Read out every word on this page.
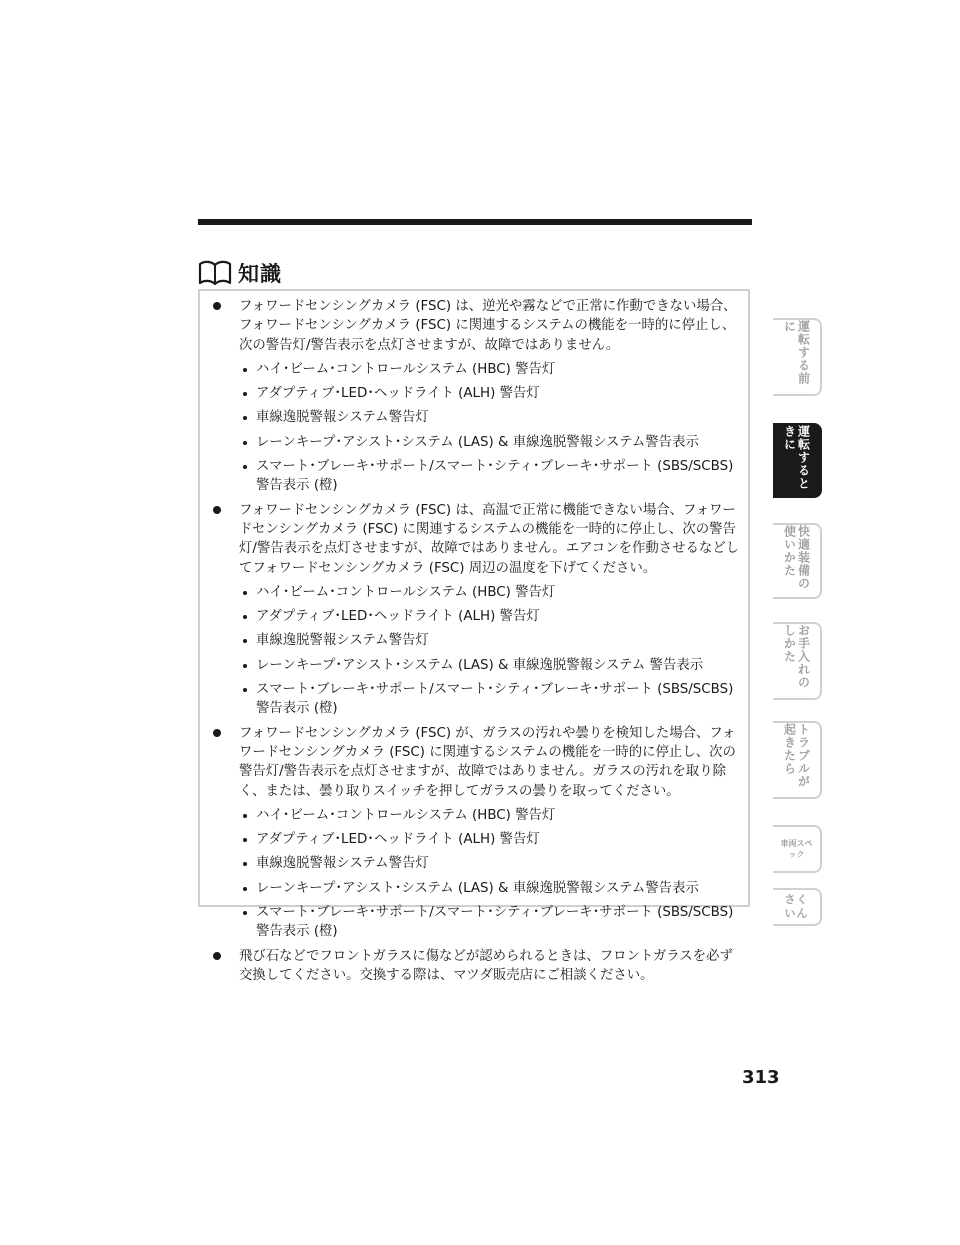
知識
フォワードセンシングカメラ (FSC) は、逆光や霧などで正常に作動できない場合、フォワードセンシングカメラ (FSC) に関連するシステムの機能を一時的に停止し、次の警告灯/警告表示を点灯させますが、故障ではありません。
ハイ･ビーム･コントロールシステム (HBC) 警告灯
アダプティブ･LED･ヘッドライト (ALH) 警告灯
車線逸脱警報システム警告灯
レーンキープ･アシスト･システム (LAS) & 車線逸脱警報システム警告表示
スマート･ブレーキ･サポート/スマート･シティ･ブレーキ･サポート (SBS/SCBS) 警告表示 (橙)
フォワードセンシングカメラ (FSC) は、高温で正常に機能できない場合、フォワードセンシングカメラ (FSC) に関連するシステムの機能を一時的に停止し、次の警告灯/警告表示を点灯させますが、故障ではありません。エアコンを作動させるなどしてフォワードセンシングカメラ (FSC) 周辺の温度を下げてください。
ハイ･ビーム･コントロールシステム (HBC) 警告灯
アダプティブ･LED･ヘッドライト (ALH) 警告灯
車線逸脱警報システム警告灯
レーンキープ･アシスト･システム (LAS) & 車線逸脱警報システム 警告表示
スマート･ブレーキ･サポート/スマート･シティ･ブレーキ･サポート (SBS/SCBS) 警告表示 (橙)
フォワードセンシングカメラ (FSC) が、ガラスの汚れや曇りを検知した場合、フォワードセンシングカメラ (FSC) に関連するシステムの機能を一時的に停止し、次の警告灯/警告表示を点灯させますが、故障ではありません。ガラスの汚れを取り除く、または、曇り取りスイッチを押してガラスの曇りを取ってください。
ハイ･ビーム･コントロールシステム (HBC) 警告灯
アダプティブ･LED･ヘッドライト (ALH) 警告灯
車線逸脱警報システム警告灯
レーンキープ･アシスト･システム (LAS) & 車線逸脱警報システム警告表示
スマート･ブレーキ･サポート/スマート･シティ･ブレーキ･サポート (SBS/SCBS) 警告表示 (橙)
飛び石などでフロントガラスに傷などが認められるときは、フロントガラスを必ず交換してください。交換する際は、マツダ販売店にご相談ください。
運転する前に
運転するときに
快適装備の使いかた
お手入れのしかた
トラブルが起きたら
車両スペック
さくいん
313
